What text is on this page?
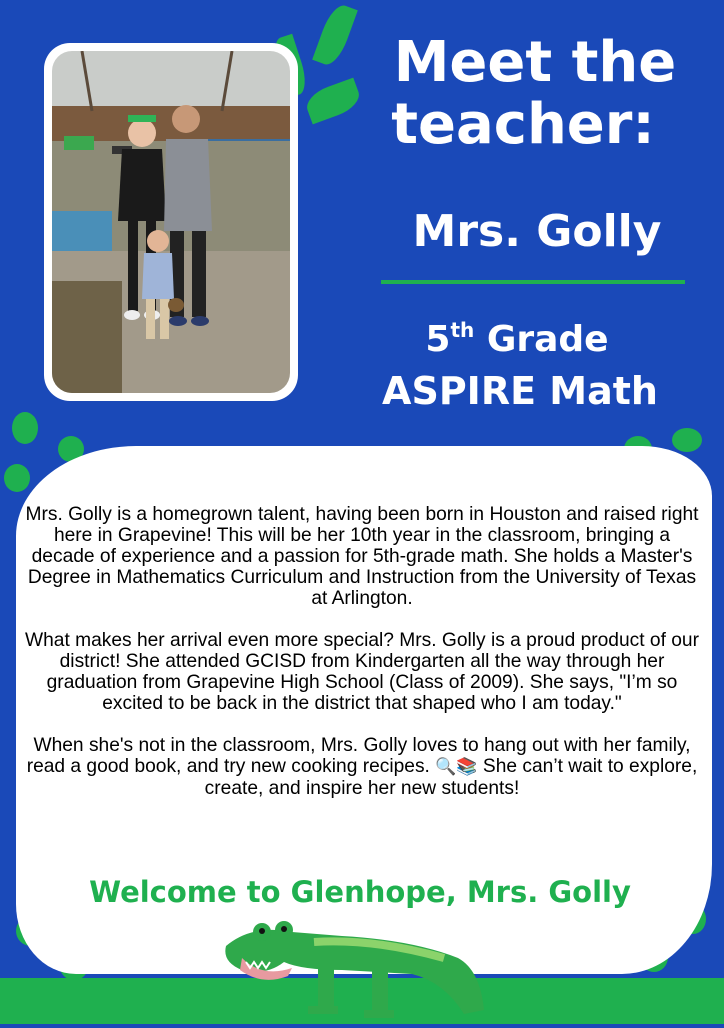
Meet the
teacher:
Mrs. Golly
5th Grade
ASPIRE Math

Mrs. Golly is a homegrown talent, having been born in Houston and raised right here in Grapevine! This will be her 10th year in the classroom, bringing a decade of experience and a passion for 5th-grade math. She holds a Master's Degree in Mathematics Curriculum and Instruction from the University of Texas at Arlington.

What makes her arrival even more special? Mrs. Golly is a proud product of our district! She attended GCISD from Kindergarten all the way through her graduation from Grapevine High School (Class of 2009). She says, "I’m so excited to be back in the district that shaped who I am today."

When she's not in the classroom, Mrs. Golly loves to hang out with her family, read a good book, and try new cooking recipes. 🔍📚 She can’t wait to explore, create, and inspire her new students!

Welcome to Glenhope, Mrs. Golly
